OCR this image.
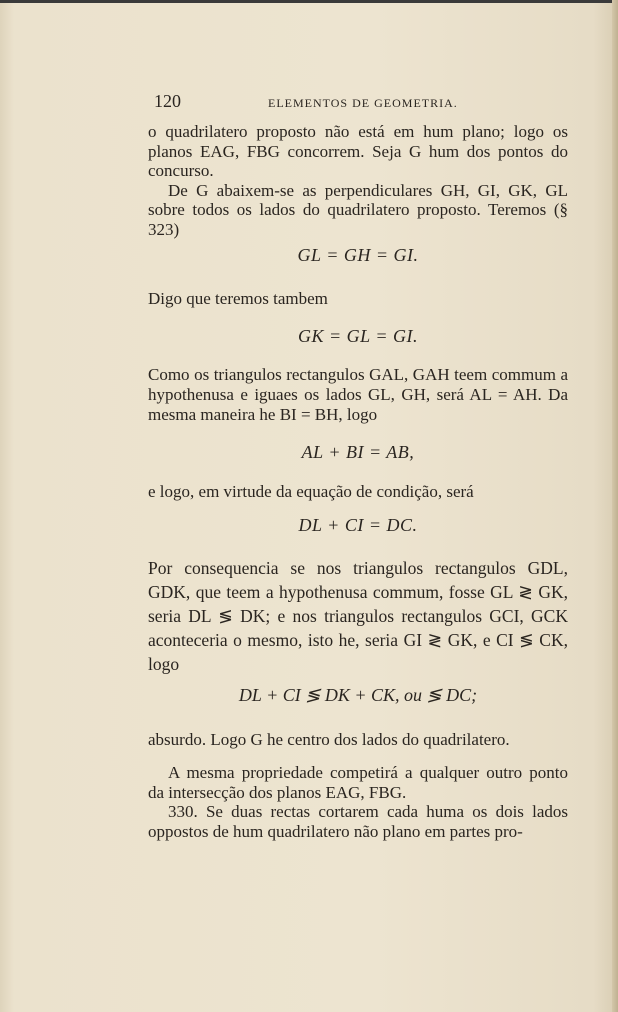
120	ELEMENTOS DE GEOMETRIA.

o quadrilatero proposto não está em hum plano; logo os planos EAG, FBG concorrem. Seja G hum dos pontos do concurso.

De G abaixem-se as perpendiculares GH, GI, GK, GL sobre todos os lados do quadrilatero proposto. Teremos (§ 323)

GL = GH = GI.

Digo que teremos tambem

GK = GL = GI.

Como os triangulos rectangulos GAL, GAH teem commum a hypothenusa e iguaes os lados GL, GH, será AL = AH. Da mesma maneira he BI = BH, logo

AL + BI = AB,

e logo, em virtude da equação de condição, será

DL + CI = DC.

Por consequencia se nos triangulos rectangulos GDL, GDK, que teem a hypothenusa commum, fosse GL ≷ GK, seria DL ≶ DK; e nos triangulos rectangulos GCI, GCK aconteceria o mesmo, isto he, seria GI ≷ GK, e CI ≶ CK, logo

DL + CI ≶ DK + CK, ou ≶ DC;

absurdo. Logo G he centro dos lados do quadrilatero.

A mesma propriedade competirá a qualquer outro ponto da intersecção dos planos EAG, FBG.

330. Se duas rectas cortarem cada huma os dois lados oppostos de hum quadrilatero não plano em partes pro-
